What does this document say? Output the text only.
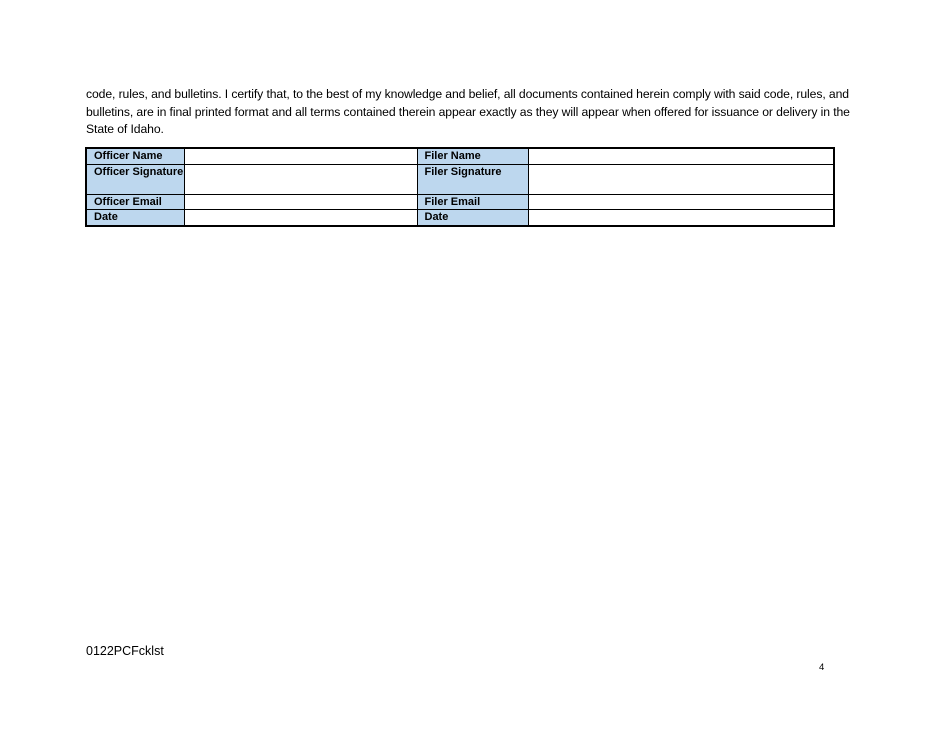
code, rules, and bulletins. I certify that, to the best of my knowledge and belief, all documents contained herein comply with said code, rules, and bulletins, are in final printed format and all terms contained therein appear exactly as they will appear when offered for issuance or delivery in the State of Idaho.

Officer Name		Filer Name	
Officer Signature		Filer Signature	
Officer Email		Filer Email	
Date		Date	

0122PCFcklst

4
